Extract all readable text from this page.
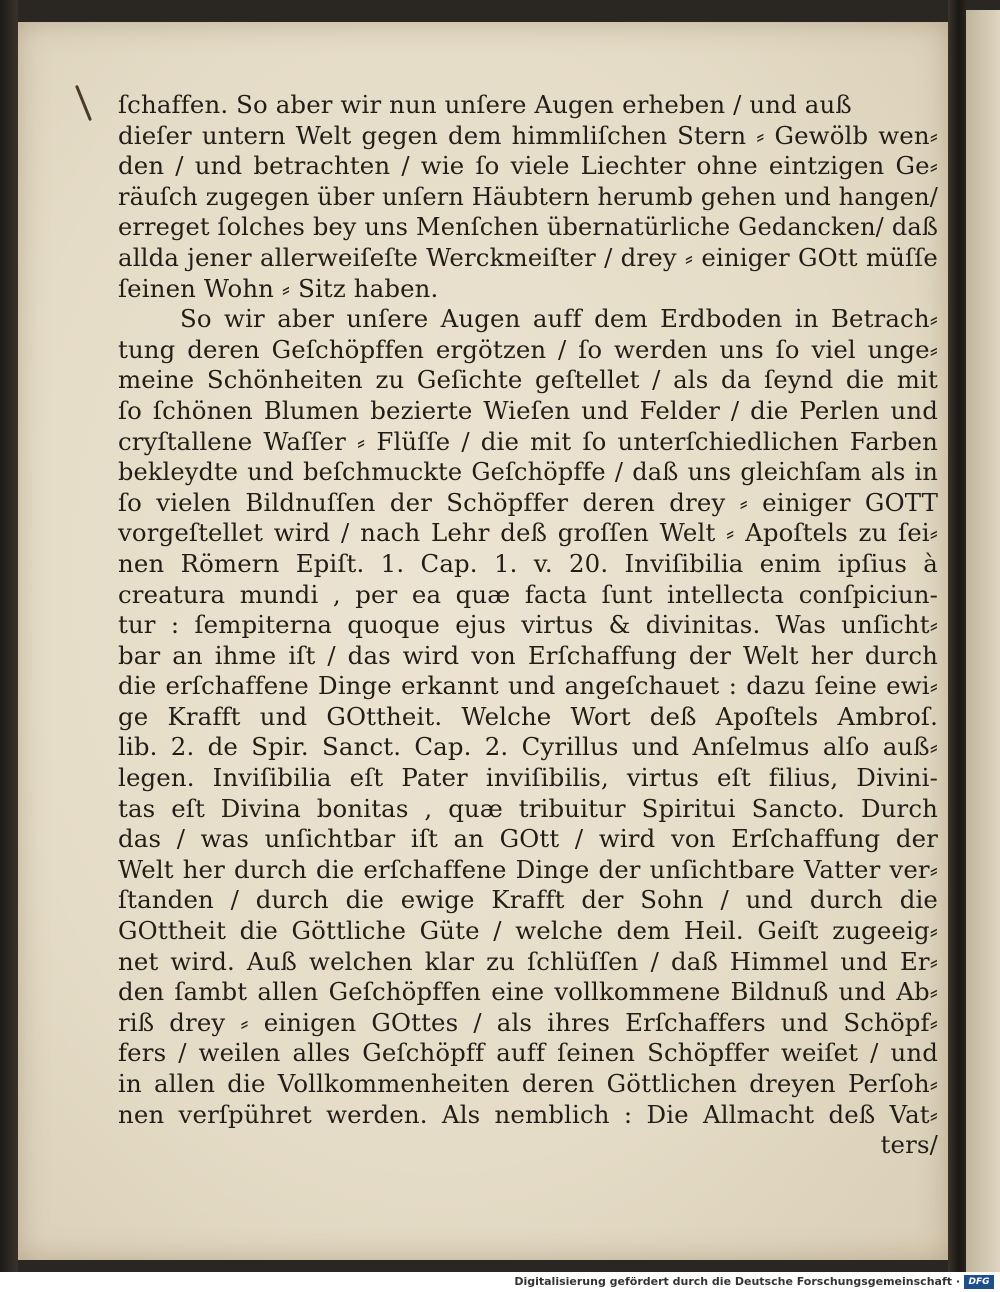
ſchaffen. So aber wir nun unſere Augen erheben / und auß
dieſer untern Welt gegen dem himmliſchen Stern ⸗ Gewölb wen⸗
den / und betrachten / wie ſo viele Liechter ohne eintzigen Ge⸗
räuſch zugegen über unſern Häubtern herumb gehen und hangen/
erreget ſolches bey uns Menſchen übernatürliche Gedancken/ daß
allda jener allerweiſeſte Werckmeiſter / drey ⸗ einiger GOtt müſſe
ſeinen Wohn ⸗ Sitz haben.
So wir aber unſere Augen auff dem Erdboden in Betrach⸗
tung deren Geſchöpffen ergötzen / ſo werden uns ſo viel unge⸗
meine Schönheiten zu Geſichte geſtellet / als da ſeynd die mit
ſo ſchönen Blumen bezierte Wieſen und Felder / die Perlen und
cryſtallene Waſſer ⸗ Flüſſe / die mit ſo unterſchiedlichen Farben
bekleydte und beſchmuckte Geſchöpffe / daß uns gleichſam als in
ſo vielen Bildnuſſen der Schöpffer deren drey ⸗ einiger GOTT
vorgeſtellet wird / nach Lehr deß groſſen Welt ⸗ Apoſtels zu ſei⸗
nen Römern Epiſt. 1. Cap. 1. v. 20. Inviſibilia enim ipſius à
creatura mundi , per ea quæ facta ſunt intellecta conſpiciun-
tur : ſempiterna quoque ejus virtus & divinitas. Was unſicht⸗
bar an ihme iſt / das wird von Erſchaffung der Welt her durch
die erſchaffene Dinge erkannt und angeſchauet : dazu ſeine ewi⸗
ge Krafft und GOttheit. Welche Wort deß Apoſtels Ambroſ.
lib. 2. de Spir. Sanct. Cap. 2. Cyrillus und Anſelmus alſo auß⸗
legen. Inviſibilia eſt Pater inviſibilis, virtus eſt filius, Divini-
tas eſt Divina bonitas , quæ tribuitur Spiritui Sancto. Durch
das / was unſichtbar iſt an GOtt / wird von Erſchaffung der
Welt her durch die erſchaffene Dinge der unſichtbare Vatter ver⸗
ſtanden / durch die ewige Krafft der Sohn / und durch die
GOttheit die Göttliche Güte / welche dem Heil. Geiſt zugeeig⸗
net wird. Auß welchen klar zu ſchlüſſen / daß Himmel und Er⸗
den ſambt allen Geſchöpffen eine vollkommene Bildnuß und Ab⸗
riß drey ⸗ einigen GOttes / als ihres Erſchaffers und Schöpf⸗
fers / weilen alles Geſchöpff auff ſeinen Schöpffer weiſet / und
in allen die Vollkommenheiten deren Göttlichen dreyen Perſoh⸗
nen verſpühret werden. Als nemblich : Die Allmacht deß Vat⸗
ters/
Digitalisierung gefördert durch die Deutsche Forschungsgemeinschaft · DFG
